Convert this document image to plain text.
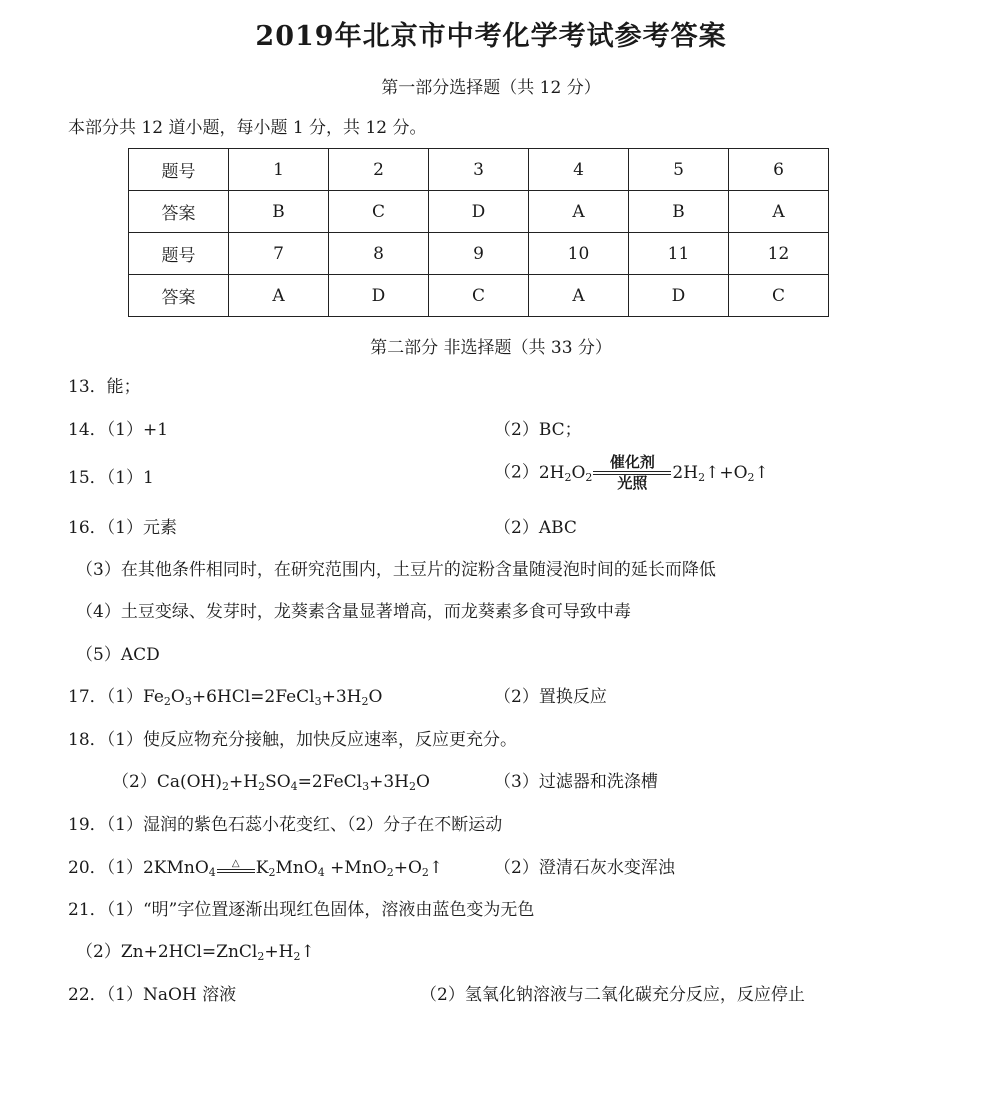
2019年北京市中考化学考试参考答案
第一部分选择题（共 12 分）
本部分共 12 道小题，每小题 1 分，共 12 分。
题号	1	2	3	4	5	6
答案	B	C	D	A	B	A
题号	7	8	9	10	11	12
答案	A	D	C	A	D	C
第二部分 非选择题（共 33 分）
13．能；
14．（1）+1	（2）BC；
15．（1）1	$(2)2H_2O_2$
催化剂
光照	$2H_2↑+O_2↑$
16．（1）元素	（2）ABC
（3）在其他条件相同时，在研究范围内，土豆片的淀粉含量随浸泡时间的延长而降低
（4）土豆变绿、发芽时，龙葵素含量显著增高，而龙葵素多食可导致中毒
（5）ACD
17．$(1)Fe_2O_3+6HCl=2FeCl_3+3H_2O$	（2）置换反应
18．（1）使反应物充分接触，加快反应速率，反应更充分。
$(2)Ca(OH)_2+H_2SO_4=2FeCl_3+3H_2O$	（3）过滤器和洗涤槽
19．（1）湿润的紫色石蕊小花变红、（2）分子在不断运动
20．（1）2KMnO$_4$
△ $K_2MnO_4$ $+MnO_2+O_2↑$	（2）澄清石灰水变浑浊
21．（1）“明”字位置逐渐出现红色固体，溶液由蓝色变为无色
$(2)Zn+2HCl=ZnCl_2+H_2↑$
22．（1）NaOH 溶液	（2）氢氧化钠溶液与二氧化碳充分反应，反应停止
